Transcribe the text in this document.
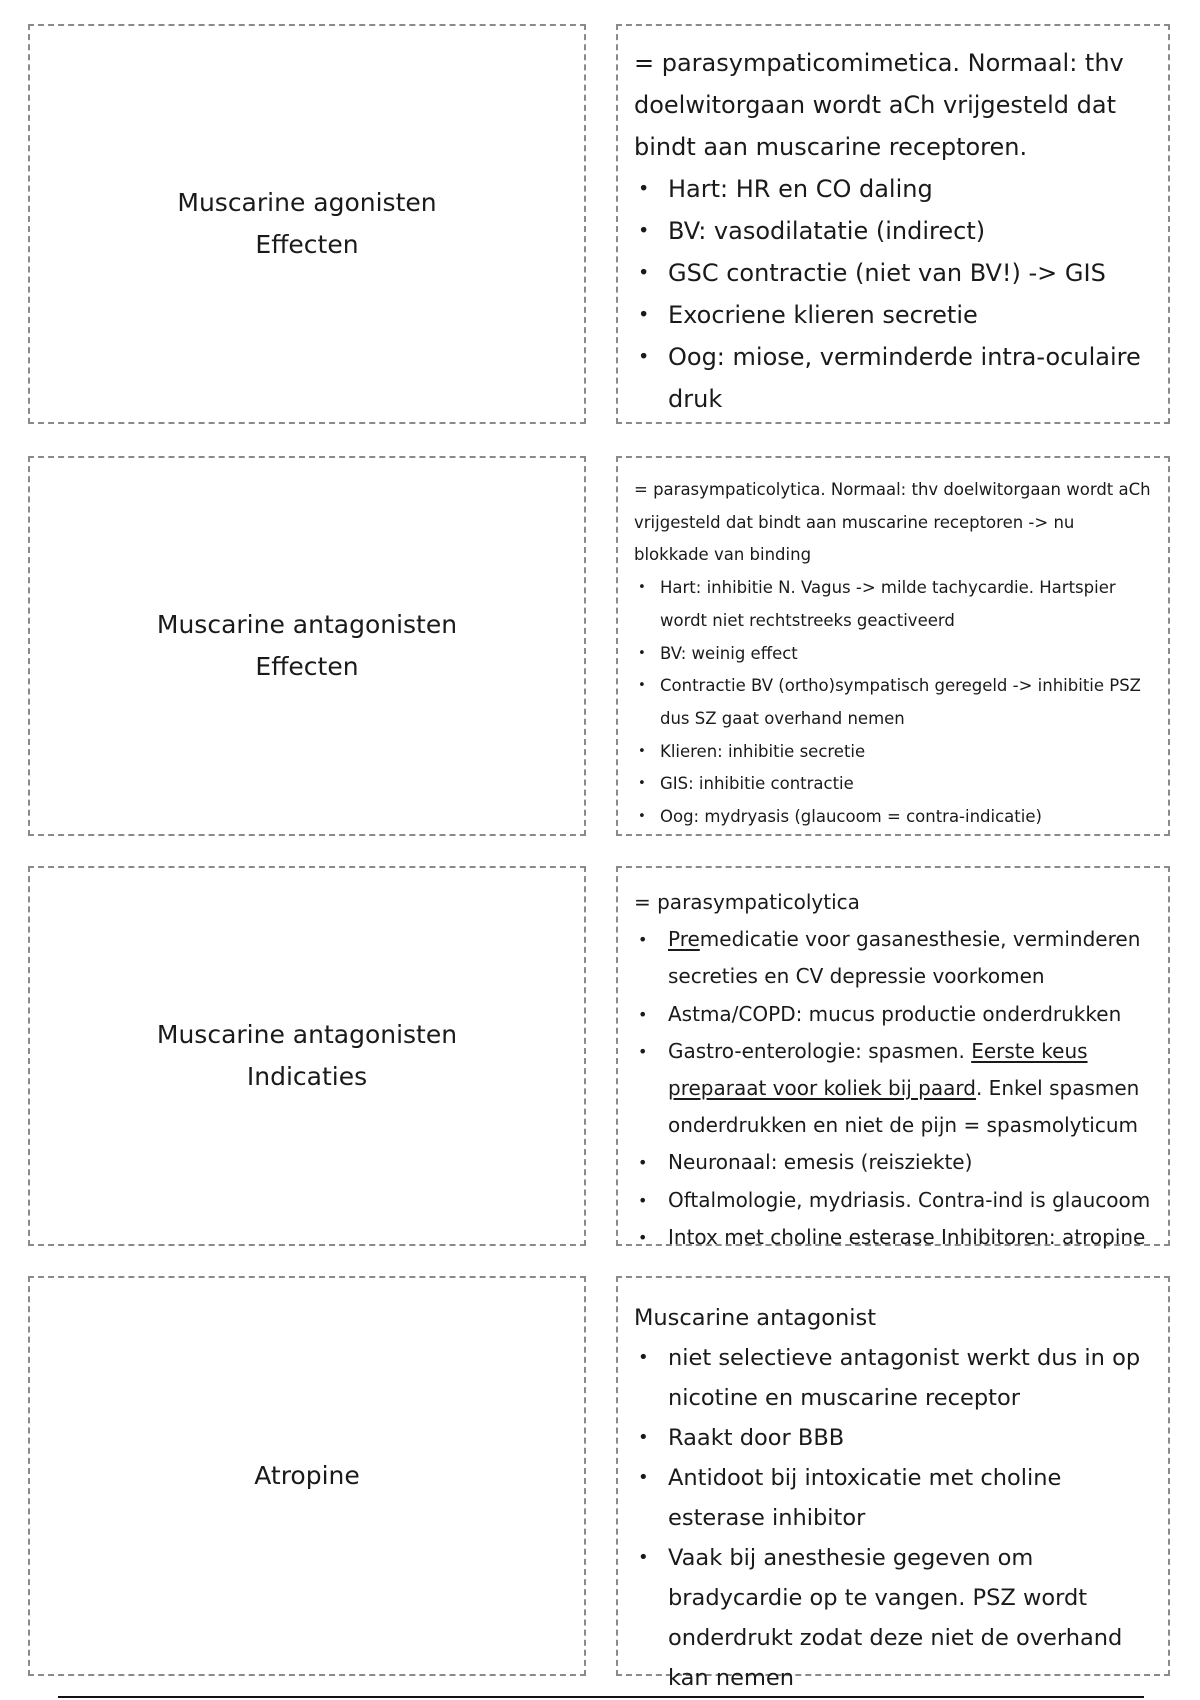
Muscarine agonisten
Effecten
= parasympaticomimetica. Normaal: thv doelwitorgaan wordt aCh vrijgesteld dat bindt aan muscarine receptoren.
• Hart: HR en CO daling
• BV: vasodilatatie (indirect)
• GSC contractie (niet van BV!) -> GIS
• Exocriene klieren secretie
• Oog: miose, verminderde intra-oculaire druk
Muscarine antagonisten
Effecten
= parasympaticolytica. Normaal: thv doelwitorgaan wordt aCh vrijgesteld dat bindt aan muscarine receptoren -> nu blokkade van binding
• Hart: inhibitie N. Vagus -> milde tachycardie. Hartspier wordt niet rechtstreeks geactiveerd
• BV: weinig effect
• Contractie BV (ortho)sympatisch geregeld -> inhibitie PSZ dus SZ gaat overhand nemen
• Klieren: inhibitie secretie
• GIS: inhibitie contractie
• Oog: mydryasis (glaucoom = contra-indicatie)
Muscarine antagonisten
Indicaties
= parasympaticolytica
• Premedicatie voor gasanesthesie, verminderen secreties en CV depressie voorkomen
• Astma/COPD: mucus productie onderdrukken
• Gastro-enterologie: spasmen. Eerste keus preparaat voor koliek bij paard. Enkel spasmen onderdrukken en niet de pijn = spasmolyticum
• Neuronaal: emesis (reisziekte)
• Oftalmologie, mydriasis. Contra-ind is glaucoom
• Intox met choline esterase Inhibitoren: atropine
Atropine
Muscarine antagonist
• niet selectieve antagonist werkt dus in op nicotine en muscarine receptor
• Raakt door BBB
• Antidoot bij intoxicatie met choline esterase inhibitor
• Vaak bij anesthesie gegeven om bradycardie op te vangen. PSZ wordt onderdrukt zodat deze niet de overhand kan nemen
